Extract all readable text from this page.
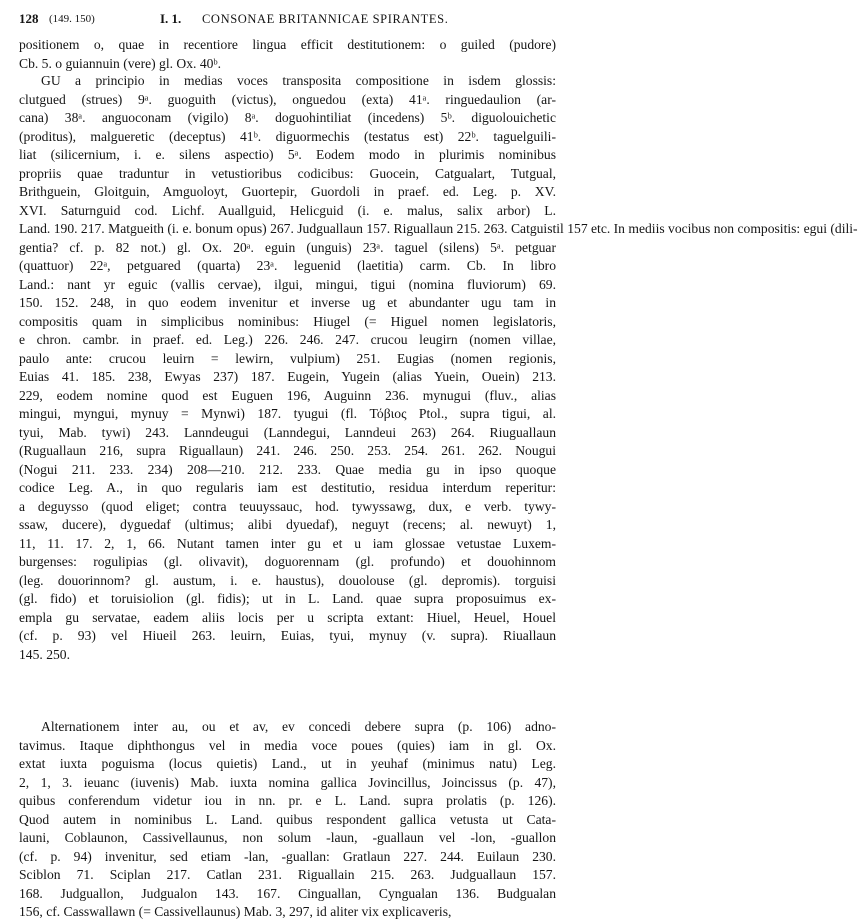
128 (149. 150)	I. 1. CONSONAE BRITANNICAE SPIRANTES.
positionem o, quae in recentiore lingua efficit destitutionem: o guiled (pudore)
Cb. 5. o guiannuin (vere) gl. Ox. 40ᵇ.
GU a principio in medias voces transposita compositione in isdem glossis:
clutgued (strues) 9ᵃ. guoguith (victus), onguedou (exta) 41ᵃ. ringuedaulion (ar-
cana) 38ᵃ. anguoconam (vigilo) 8ᵃ. doguohintiliat (incedens) 5ᵇ. diguolouichetic
(proditus), malgueretic (deceptus) 41ᵇ. diguormechis (testatus est) 22ᵇ. taguelguili-
liat (silicernium, i. e. silens aspectio) 5ᵃ. Eodem modo in plurimis nominibus
propriis quae traduntur in vetustioribus codicibus: Guocein, Catgualart, Tutgual,
Brithguein, Gloitguin, Amguoloyt, Guortepir, Guordoli in praef. ed. Leg. p. XV.
XVI. Saturnguid cod. Lichf. Auallguid, Helicguid (i. e. malus, salix arbor) L.
Land. 190. 217. Matgueith (i. e. bonum opus) 267. Judguallaun 157. Riguallaun 215. 263. Catguistil 157 etc. In mediis vocibus non compositis: egui (dili-
gentia? cf. p. 82 not.) gl. Ox. 20ᵃ. eguin (unguis) 23ᵃ. taguel (silens) 5ᵃ. petguar
(quattuor) 22ᵃ, petguared (quarta) 23ᵃ. leguenid (laetitia) carm. Cb. In libro
Land.: nant yr eguic (vallis cervae), ilgui, mingui, tigui (nomina fluviorum) 69.
150. 152. 248, in quo eodem invenitur et inverse ug et abundanter ugu tam in
compositis quam in simplicibus nominibus: Hiugel (= Higuel nomen legislatoris,
e chron. cambr. in praef. ed. Leg.) 226. 246. 247. crucou leugirn (nomen villae,
paulo ante: crucou leuirn = lewirn, vulpium) 251. Eugias (nomen regionis,
Euias 41. 185. 238, Ewyas 237) 187. Eugein, Yugein (alias Yuein, Ouein) 213.
229, eodem nomine quod est Euguen 196, Auguinn 236. mynugui (fluv., alias
mingui, myngui, mynuy = Mynwi) 187. tyugui (fl. Τόβιος Ptol., supra tigui, al.
tyui, Mab. tywi) 243. Lanndeugui (Lanndegui, Lanndeui 263) 264. Riuguallaun
(Ruguallaun 216, supra Riguallaun) 241. 246. 250. 253. 254. 261. 262. Nougui
(Nogui 211. 233. 234) 208—210. 212. 233. Quae media gu in ipso quoque
codice Leg. A., in quo regularis iam est destitutio, residua interdum reperitur:
a deguysso (quod eliget; contra teuuyssauc, hod. tywyssawg, dux, e verb. tywy-
ssaw, ducere), dyguedaf (ultimus; alibi dyuedaf), neguyt (recens; al. newuyt) 1,
11, 11. 17. 2, 1, 66. Nutant tamen inter gu et u iam glossae vetustae Luxem-
burgenses: rogulipias (gl. olivavit), doguorennam (gl. profundo) et douohinnom
(leg. douorinnom? gl. austum, i. e. haustus), douolouse (gl. depromis). torguisi
(gl. fido) et toruisiolion (gl. fidis); ut in L. Land. quae supra proposuimus ex-
empla gu servatae, eadem aliis locis per u scripta extant: Hiuel, Heuel, Houel
(cf. p. 93) vel Hiueil 263. leuirn, Euias, tyui, mynuy (v. supra). Riuallaun
145. 250.
Alternationem inter au, ou et av, ev concedi debere supra (p. 106) adno-
tavimus. Itaque diphthongus vel in media voce poues (quies) iam in gl. Ox.
extat iuxta poguisma (locus quietis) Land., ut in yeuhaf (minimus natu) Leg.
2, 1, 3. ieuanc (iuvenis) Mab. iuxta nomina gallica Jovincillus, Joincissus (p. 47),
quibus conferendum videtur iou in nn. pr. e L. Land. supra prolatis (p. 126).
Quod autem in nominibus L. Land. quibus respondent gallica vetusta ut Cata-
launi, Coblaunon, Cassivellaunus, non solum -laun, -guallaun vel -lon, -guallon
(cf. p. 94) invenitur, sed etiam -lan, -guallan: Gratlaun 227. 244. Euilaun 230.
Sciblon 71. Sciplan 217. Catlan 231. Riguallain 215. 263. Judguallaun 157.
168. Judguallon, Judgualon 143. 167. Cinguallan, Cyngualan 136. Budgualan
156, cf. Casswallawn (= Cassivellaunus) Mab. 3, 297, id aliter vix explicaveris,
